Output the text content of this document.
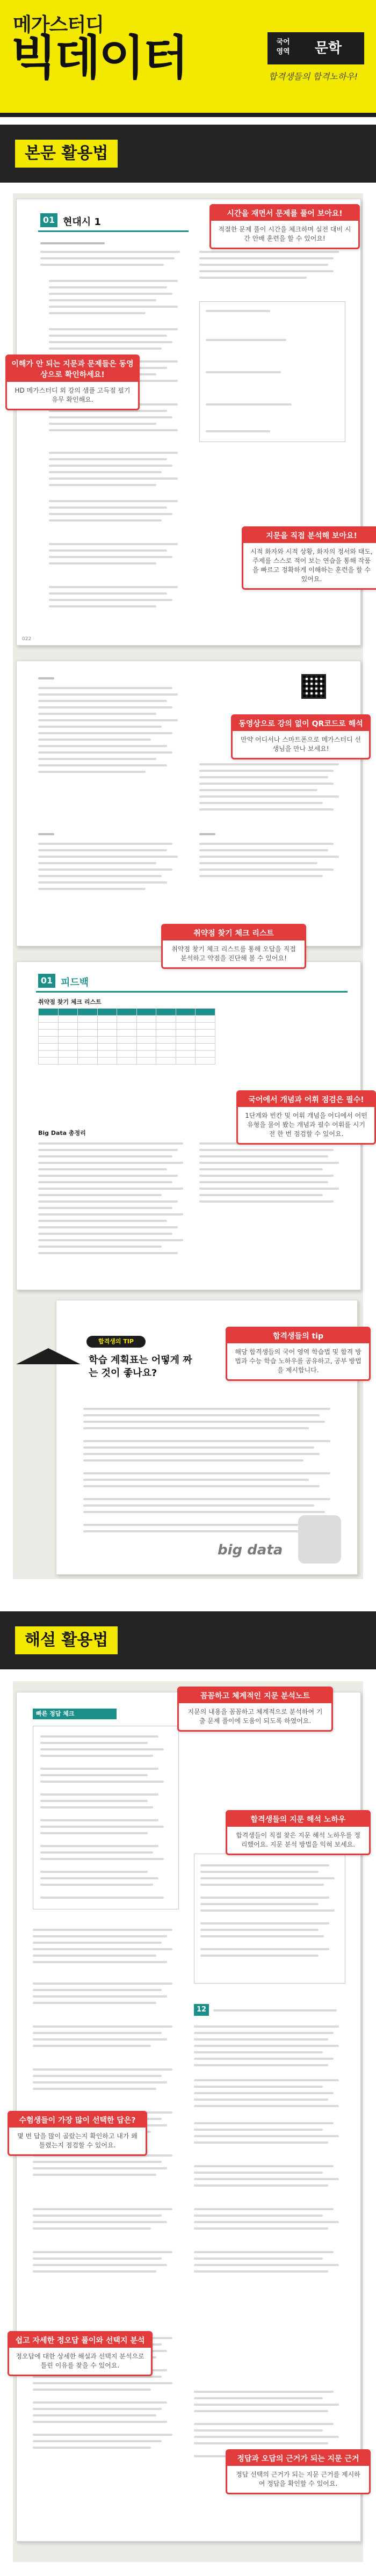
메가스터디
빅데이터	국어 영역	문학
합격생들의 합격노하우!
본문 활용법
01 현대시 1
022
01 피드백
취약점 찾기 체크 리스트

Big Data 총정리
합격생의 TIP
학습 계획표는 어떻게 짜는 것이 좋나요?
big data
시간을 재면서 문제를 풀어 보아요!
적절한 문제 풀이 시간을 체크하며 실전 대비 시간 안배 훈련을 할 수 있어요!
이해가 안 되는 지문과 문제들은 동영상으로 확인하세요!
HD 메가스터디 외 강의 샘플 고득점 필기 유무 확인해요.
지문을 직접 분석해 보아요!
시적 화자와 시적 상황, 화자의 정서와 태도, 주제를 스스로 적어 보는 연습을 통해 작품을 빠르고 정확하게 이해하는 훈련을 할 수 있어요.
동영상으로 강의 없이 QR코드로 해석
만약 어디서나 스마트폰으로 메가스터디 선생님을 만나 보세요!
취약점 찾기 체크 리스트
취약점 찾기 체크 리스트를 통해 오답을 직접 분석하고 약점을 진단해 볼 수 있어요!
국어에서 개념과 어휘 점검은 필수!
1단계와 빈칸 및 어휘 개념을 어디에서 어떤 유형을 물어 봤는 개념과 필수 어휘를 시기 전 한 번 점검할 수 있어요.
합격생들의 tip
해당 합격생들의 국어 영역 학습법 및 합격 방법과 수능 학습 노하우를 공유하고, 공부 방법을 제시합니다.
해설 활용법
빠른 정답 체크
12
꼼꼼하고 체계적인 지문 분석노트
지문의 내용을 꼼꼼하고 체계적으로 분석하여 기출 문제 풀이에 도움이 되도록 하였어요.
합격생들의 지문 해석 노하우
합격생들이 직접 찾은 지문 해석 노하우를 정리했어요. 지문 분석 방법을 익혀 보세요.
수험생들이 가장 많이 선택한 답은?
몇 번 답을 많이 골랐는지 확인하고 내가 왜 틀렸는지 점검할 수 있어요.
쉽고 자세한 정오답 풀이와 선택지 분석
정오답에 대한 상세한 해설과 선택지 분석으로 틀린 이유를 찾을 수 있어요.
정답과 오답의 근거가 되는 지문 근거
정답 선택의 근거가 되는 지문 근거를 제시하여 정답을 확인할 수 있어요.
